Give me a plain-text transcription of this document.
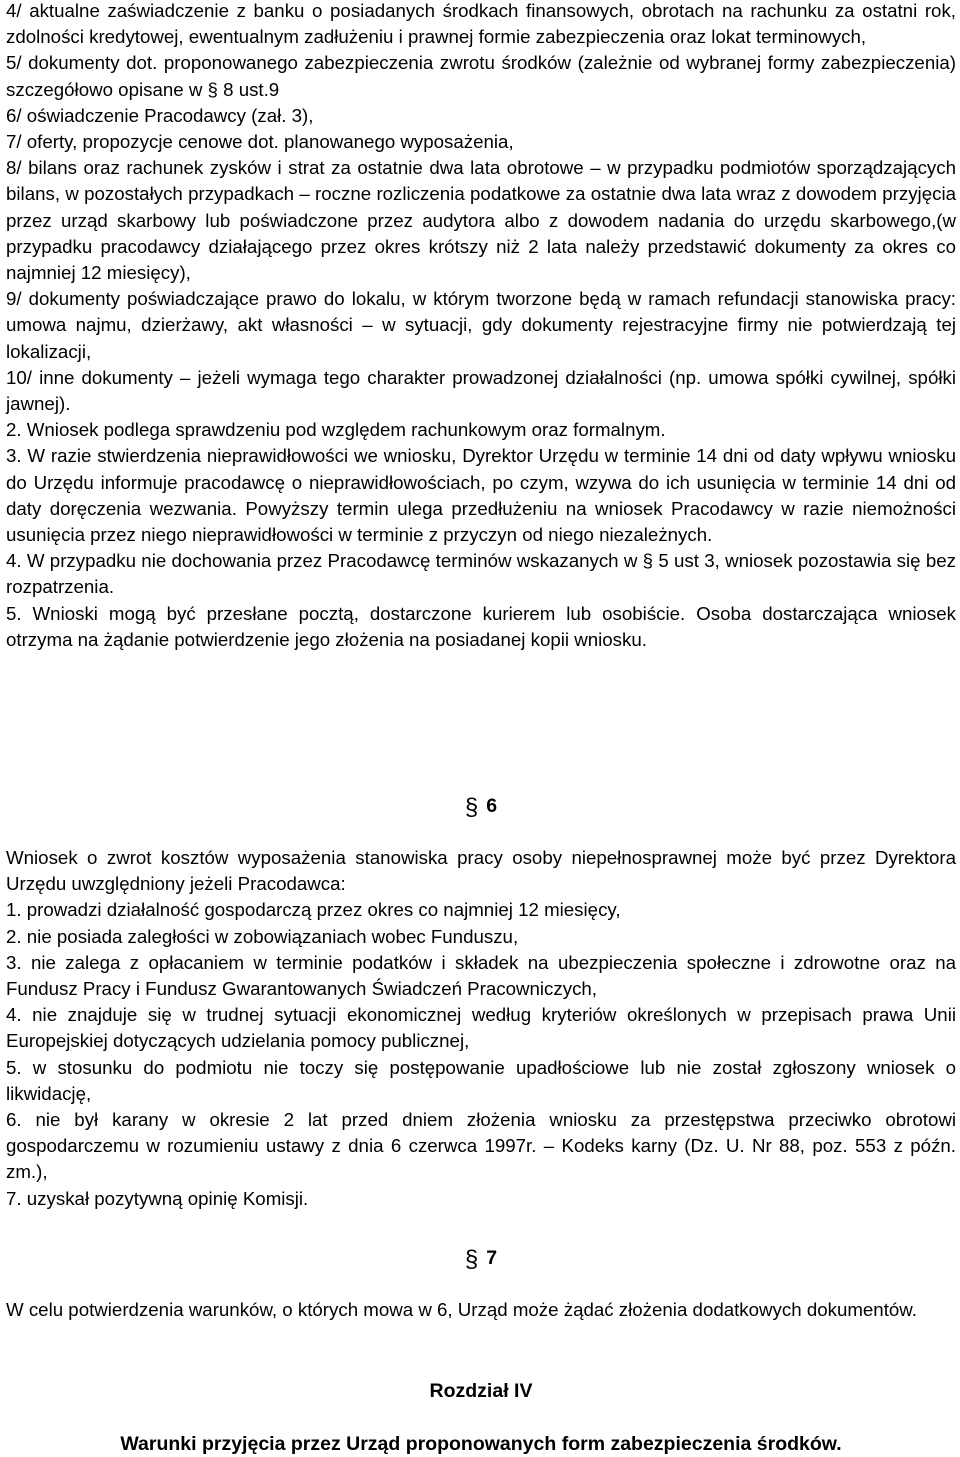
4/ aktualne zaświadczenie z banku o posiadanych środkach finansowych, obrotach na rachunku za ostatni rok, zdolności kredytowej, ewentualnym zadłużeniu i prawnej formie zabezpieczenia oraz lokat terminowych,

5/ dokumenty dot. proponowanego zabezpieczenia zwrotu środków (zależnie od wybranej formy zabezpieczenia) szczegółowo opisane w § 8 ust.9

6/ oświadczenie Pracodawcy (zał. 3),

7/ oferty, propozycje cenowe dot. planowanego wyposażenia,

8/ bilans oraz rachunek zysków i strat za ostatnie dwa lata obrotowe – w przypadku podmiotów sporządzających bilans, w pozostałych przypadkach – roczne rozliczenia podatkowe za ostatnie dwa lata wraz z dowodem przyjęcia przez urząd skarbowy lub poświadczone przez audytora albo z dowodem nadania do urzędu skarbowego,(w przypadku pracodawcy działającego przez okres krótszy niż 2 lata należy przedstawić dokumenty za okres co najmniej 12 miesięcy),

9/ dokumenty poświadczające prawo do lokalu, w którym tworzone będą w ramach refundacji stanowiska pracy: umowa najmu, dzierżawy, akt własności – w sytuacji, gdy dokumenty rejestracyjne firmy nie potwierdzają tej lokalizacji,

10/ inne dokumenty – jeżeli wymaga tego charakter prowadzonej działalności (np. umowa spółki cywilnej, spółki jawnej).

2. Wniosek podlega sprawdzeniu pod względem rachunkowym oraz formalnym.

3. W razie stwierdzenia nieprawidłowości we wniosku, Dyrektor Urzędu w terminie 14 dni od daty wpływu wniosku do Urzędu informuje pracodawcę o nieprawidłowościach, po czym, wzywa do ich usunięcia w terminie 14 dni od daty doręczenia wezwania. Powyższy termin ulega przedłużeniu na wniosek Pracodawcy w razie niemożności usunięcia przez niego nieprawidłowości w terminie z przyczyn od niego niezależnych.

4. W przypadku nie dochowania przez Pracodawcę terminów wskazanych w § 5 ust 3, wniosek pozostawia się bez rozpatrzenia.

5. Wnioski mogą być przesłane pocztą, dostarczone kurierem lub osobiście. Osoba dostarczająca wniosek otrzyma na żądanie potwierdzenie jego złożenia na posiadanej kopii wniosku.

§ 6

Wniosek o zwrot kosztów wyposażenia stanowiska pracy osoby niepełnosprawnej może być przez Dyrektora Urzędu uwzględniony jeżeli Pracodawca:

1. prowadzi działalność gospodarczą przez okres co najmniej 12 miesięcy,

2. nie posiada zaległości w zobowiązaniach wobec Funduszu,

3. nie zalega z opłacaniem w terminie podatków i składek na ubezpieczenia społeczne i zdrowotne oraz na Fundusz Pracy i Fundusz Gwarantowanych Świadczeń Pracowniczych,

4. nie znajduje się w trudnej sytuacji ekonomicznej według kryteriów określonych w przepisach prawa Unii Europejskiej dotyczących udzielania pomocy publicznej,

5. w stosunku do podmiotu nie toczy się postępowanie upadłościowe lub nie został zgłoszony wniosek o likwidację,

6. nie był karany w okresie 2 lat przed dniem złożenia wniosku za przestępstwa przeciwko obrotowi gospodarczemu w rozumieniu ustawy z dnia 6 czerwca 1997r. – Kodeks karny (Dz. U. Nr 88, poz. 553 z późn. zm.),

7. uzyskał pozytywną opinię Komisji.

§ 7

W celu potwierdzenia warunków, o których mowa w 6, Urząd może żądać złożenia dodatkowych dokumentów.

Rozdział IV
Warunki przyjęcia przez Urząd proponowanych form zabezpieczenia środków.
